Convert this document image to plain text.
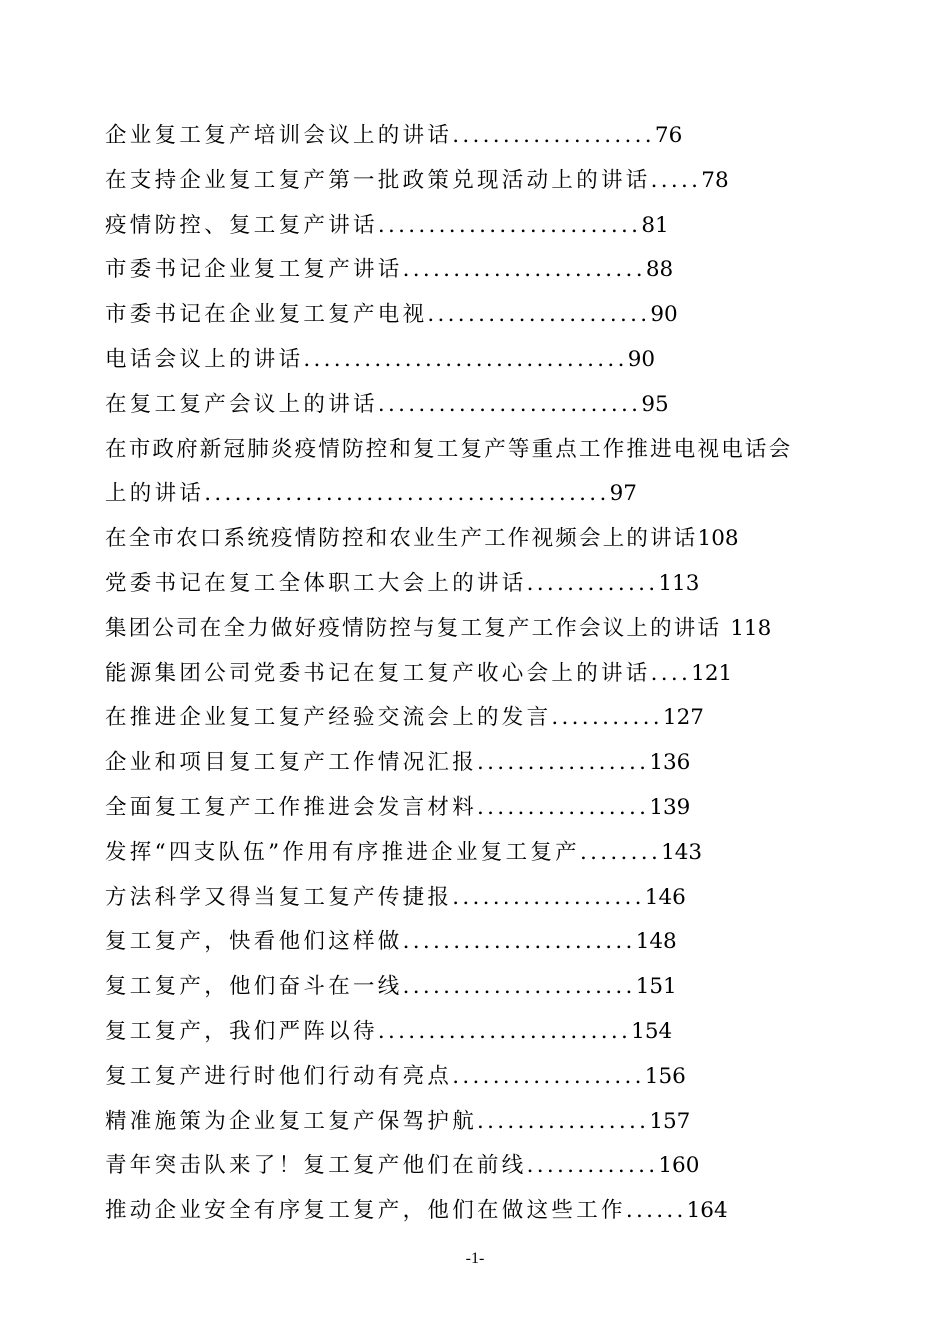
企业复工复产培训会议上的讲话....................76
在支持企业复工复产第一批政策兑现活动上的讲话.....78
疫情防控、复工复产讲话..........................81
市委书记企业复工复产讲话........................88
市委书记在企业复工复产电视......................90
电话会议上的讲话................................90
在复工复产会议上的讲话..........................95
在市政府新冠肺炎疫情防控和复工复产等重点工作推进电视电话会
上的讲话........................................97
在全市农口系统疫情防控和农业生产工作视频会上的讲话108
党委书记在复工全体职工大会上的讲话.............113
集团公司在全力做好疫情防控与复工复产工作会议上的讲话 118
能源集团公司党委书记在复工复产收心会上的讲话....121
在推进企业复工复产经验交流会上的发言...........127
企业和项目复工复产工作情况汇报.................136
全面复工复产工作推进会发言材料.................139
发挥“四支队伍”作用有序推进企业复工复产........143
方法科学又得当复工复产传捷报...................146
复工复产，快看他们这样做.......................148
复工复产，他们奋斗在一线.......................151
复工复产，我们严阵以待.........................154
复工复产进行时他们行动有亮点...................156
精准施策为企业复工复产保驾护航.................157
青年突击队来了！复工复产他们在前线.............160
推动企业安全有序复工复产，他们在做这些工作......164
-1-
